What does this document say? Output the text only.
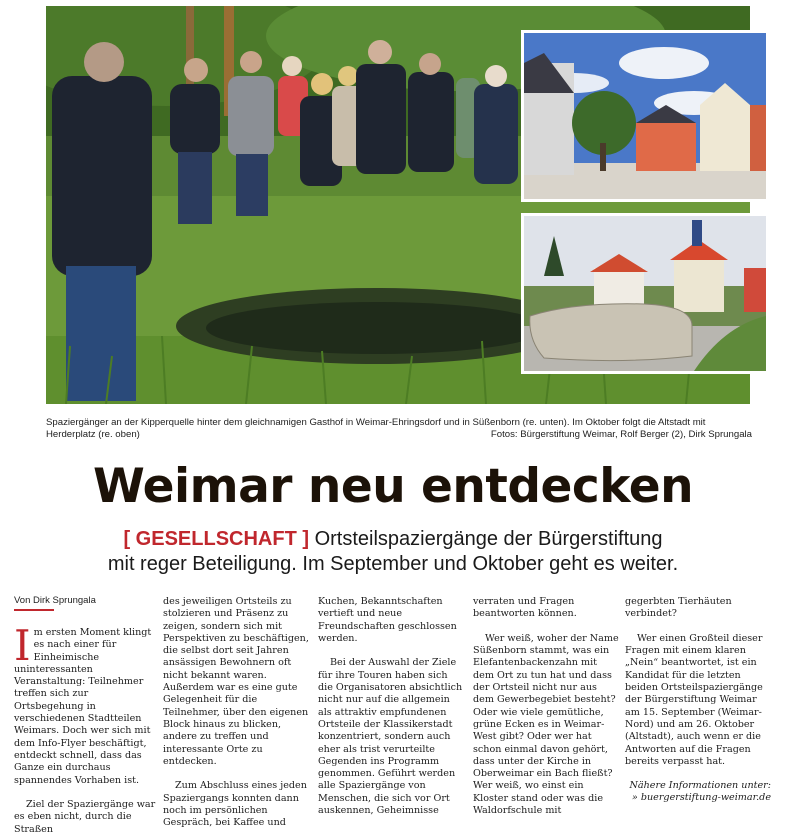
Spaziergänger an der Kipperquelle hinter dem gleichnamigen Gasthof in Weimar-Ehringsdorf und in Süßenborn (re. unten). Im Oktober folgt die Altstadt mit Herderplatz (re. oben)	Fotos: Bürgerstiftung Weimar, Rolf Berger (2), Dirk Sprungala
Weimar neu entdecken
[ GESELLSCHAFT ] Ortsteilspaziergänge der Bürgerstiftung
mit reger Beteiligung. Im September und Oktober geht es weiter.
Von Dirk Sprungala

Im ersten Moment klingt es nach einer für Einheimische uninteressanten Veranstaltung: Teilnehmer treffen sich zur Ortsbegehung in verschiedenen Stadtteilen Weimars. Doch wer sich mit dem Info-Flyer beschäftigt, entdeckt schnell, dass das Ganze ein durchaus spannendes Vorhaben ist.

Ziel der Spaziergänge war es eben nicht, durch die Straßen

des jeweiligen Ortsteils zu stolzieren und Präsenz zu zeigen, sondern sich mit Perspektiven zu beschäftigen, die selbst dort seit Jahren ansässigen Bewohnern oft nicht bekannt waren. Außerdem war es eine gute Gelegenheit für die Teilnehmer, über den eigenen Block hinaus zu blicken, andere zu treffen und interessante Orte zu entdecken.

Zum Abschluss eines jeden Spaziergangs konnten dann noch im persönlichen Gespräch, bei Kaffee und

Kuchen, Bekanntschaften vertieft und neue Freundschaften geschlossen werden.

Bei der Auswahl der Ziele für ihre Touren haben sich die Organisatoren absichtlich nicht nur auf die allgemein als attraktiv empfundenen Ortsteile der Klassikerstadt konzentriert, sondern auch eher als trist verurteilte Gegenden ins Programm genommen. Geführt werden alle Spaziergänge von Menschen, die sich vor Ort auskennen, Geheimnisse

verraten und Fragen beantworten können.

Wer weiß, woher der Name Süßenborn stammt, was ein Elefantenbackenzahn mit dem Ort zu tun hat und dass der Ortsteil nicht nur aus dem Gewerbegebiet besteht? Oder wie viele gemütliche, grüne Ecken es in Weimar-West gibt? Oder wer hat schon einmal davon gehört, dass unter der Kirche in Oberweimar ein Bach fließt? Wer weiß, wo einst ein Kloster stand oder was die Waldorfschule mit

gegerbten Tierhäuten verbindet?

Wer einen Großteil dieser Fragen mit einem klaren „Nein“ beantwortet, ist ein Kandidat für die letzten beiden Ortsteilspaziergänge der Bürgerstiftung Weimar am 15. September (Weimar-Nord) und am 26. Oktober (Altstadt), auch wenn er die Antworten auf die Fragen bereits verpasst hat.

Nähere Informationen unter:
» buergerstiftung-weimar.de
